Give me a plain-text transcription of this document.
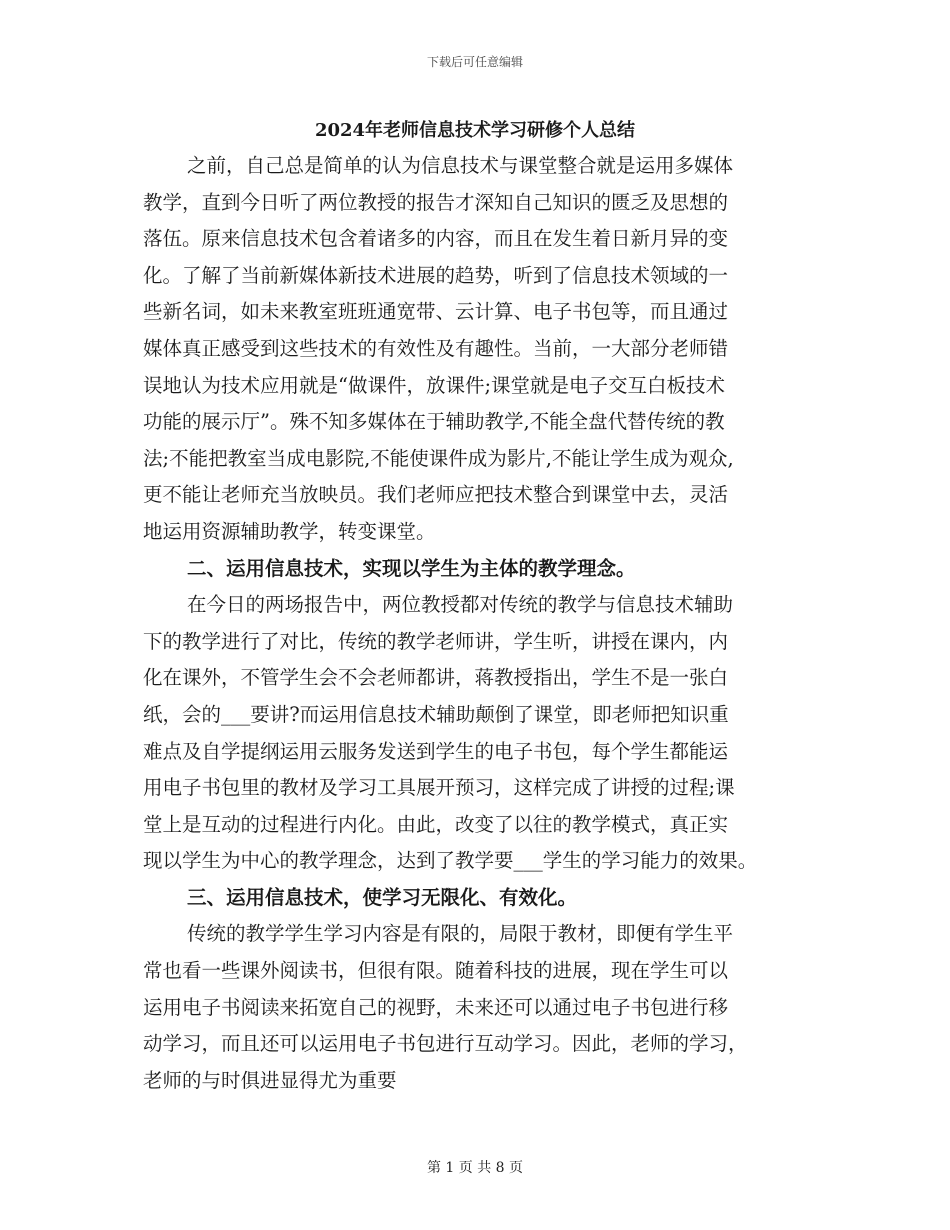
下载后可任意编辑
2024年老师信息技术学习研修个人总结
之前，自己总是简单的认为信息技术与课堂整合就是运用多媒体
教学，直到今日听了两位教授的报告才深知自己知识的匮乏及思想的
落伍。原来信息技术包含着诸多的内容，而且在发生着日新月异的变
化。了解了当前新媒体新技术进展的趋势，听到了信息技术领域的一
些新名词，如未来教室班班通宽带、云计算、电子书包等，而且通过
媒体真正感受到这些技术的有效性及有趣性。当前，一大部分老师错
误地认为技术应用就是“做课件，放课件;课堂就是电子交互白板技术
功能的展示厅”。殊不知多媒体在于辅助教学,不能全盘代替传统的教
法;不能把教室当成电影院,不能使课件成为影片,不能让学生成为观众,
更不能让老师充当放映员。我们老师应把技术整合到课堂中去，灵活
地运用资源辅助教学，转变课堂。
二、运用信息技术，实现以学生为主体的教学理念。
在今日的两场报告中，两位教授都对传统的教学与信息技术辅助
下的教学进行了对比，传统的教学老师讲，学生听，讲授在课内，内
化在课外，不管学生会不会老师都讲，蒋教授指出，学生不是一张白
纸，会的___要讲?而运用信息技术辅助颠倒了课堂，即老师把知识重
难点及自学提纲运用云服务发送到学生的电子书包，每个学生都能运
用电子书包里的教材及学习工具展开预习，这样完成了讲授的过程;课
堂上是互动的过程进行内化。由此，改变了以往的教学模式，真正实
现以学生为中心的教学理念，达到了教学要___学生的学习能力的效果。
三、运用信息技术，使学习无限化、有效化。
传统的教学学生学习内容是有限的，局限于教材，即便有学生平
常也看一些课外阅读书，但很有限。随着科技的进展，现在学生可以
运用电子书阅读来拓宽自己的视野，未来还可以通过电子书包进行移
动学习，而且还可以运用电子书包进行互动学习。因此，老师的学习，
老师的与时俱进显得尤为重要
第 1 页 共 8 页
